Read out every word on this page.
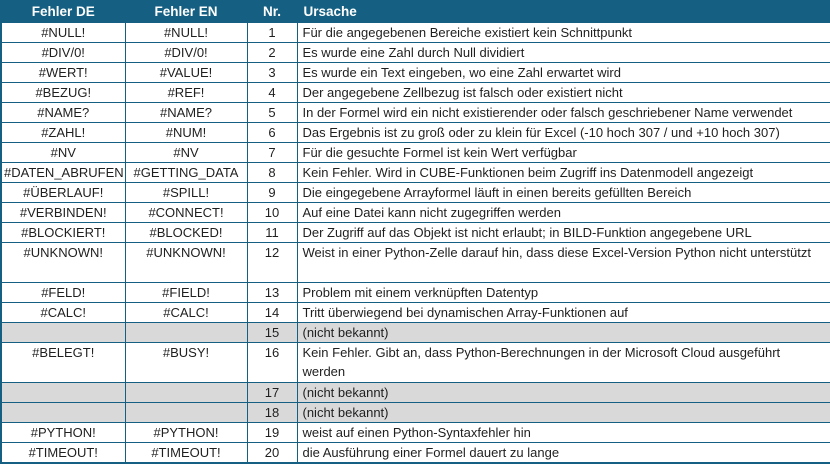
Fehler DE	Fehler EN	Nr.	Ursache
#NULL!	#NULL!	1	Für die angegebenen Bereiche existiert kein Schnittpunkt
#DIV/0!	#DIV/0!	2	Es wurde eine Zahl durch Null dividiert
#WERT!	#VALUE!	3	Es wurde ein Text eingeben, wo eine Zahl erwartet wird
#BEZUG!	#REF!	4	Der angegebene Zellbezug ist falsch oder existiert nicht
#NAME?	#NAME?	5	In der Formel wird ein nicht existierender oder falsch geschriebener Name verwendet
#ZAHL!	#NUM!	6	Das Ergebnis ist zu groß oder zu klein für Excel (-10 hoch 307 / und +10 hoch 307)
#NV	#NV	7	Für die gesuchte Formel ist kein Wert verfügbar
#DATEN_ABRUFEN	#GETTING_DATA	8	Kein Fehler. Wird in CUBE-Funktionen beim Zugriff ins Datenmodell angezeigt
#ÜBERLAUF!	#SPILL!	9	Die eingegebene Arrayformel läuft in einen bereits gefüllten Bereich
#VERBINDEN!	#CONNECT!	10	Auf eine Datei kann nicht zugegriffen werden
#BLOCKIERT!	#BLOCKED!	11	Der Zugriff auf das Objekt ist nicht erlaubt; in BILD-Funktion angegebene URL
#UNKNOWN!	#UNKNOWN!	12	Weist in einer Python-Zelle darauf hin, dass diese Excel-Version Python nicht unterstützt
#FELD!	#FIELD!	13	Problem mit einem verknüpften Datentyp
#CALC!	#CALC!	14	Tritt überwiegend bei dynamischen Array-Funktionen auf
		15	(nicht bekannt)
#BELEGT!	#BUSY!	16	Kein Fehler. Gibt an, dass Python-Berechnungen in der Microsoft Cloud ausgeführt werden
		17	(nicht bekannt)
		18	(nicht bekannt)
#PYTHON!	#PYTHON!	19	weist auf einen Python-Syntaxfehler hin
#TIMEOUT!	#TIMEOUT!	20	die Ausführung einer Formel dauert zu lange
